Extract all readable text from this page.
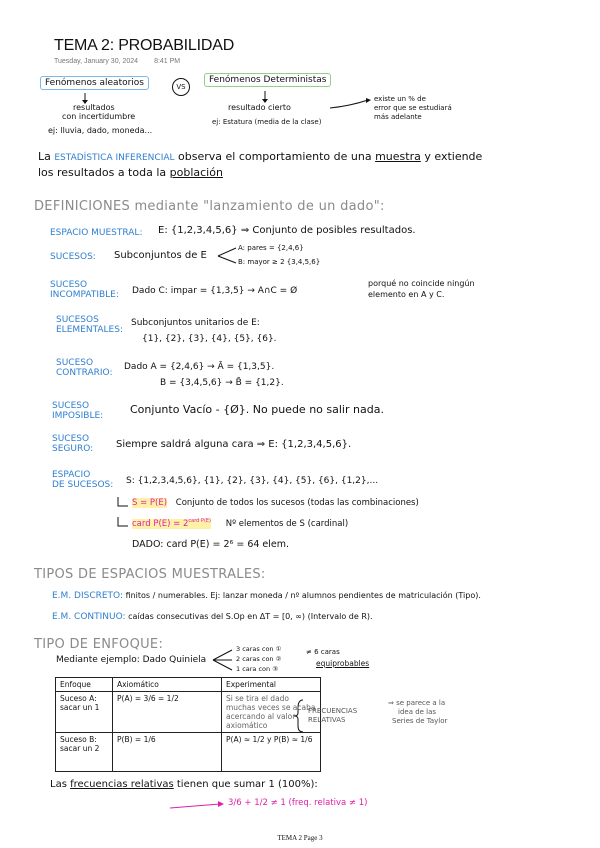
TEMA 2: PROBABILIDAD
Tuesday, January 30, 2024 8:41 PM
Fenómenos aleatorios	VS
Fenómenos Deterministas
resultados
con incertidumbre
ej: lluvia, dado, moneda...
resultado cierto
ej: Estatura (media de la clase)
existe un % de
error que se estudiará
más adelante
La ESTADÍSTICA INFERENCIAL observa el comportamiento de una muestra y extiende
los resultados a toda la población
DEFINICIONES mediante "lanzamiento de un dado":
ESPACIO MUESTRAL: E: {1,2,3,4,5,6} ⇒ Conjunto de posibles resultados.
SUCESOS: Subconjuntos de E
A: pares = {2,4,6}
B: mayor ≥ 2 {3,4,5,6}
SUCESO
INCOMPATIBLE: Dado C: impar = {1,3,5} → A∩C = Ø
porqué no coincide ningún
elemento en A y C.
SUCESOS
ELEMENTALES:
Subconjuntos unitarios de E:
{1}, {2}, {3}, {4}, {5}, {6}.
SUCESO
CONTRARIO:
Dado A = {2,4,6} → Ā = {1,3,5}.
B = {3,4,5,6} → B̄ = {1,2}.
SUCESO
IMPOSIBLE: Conjunto Vacío - {Ø}. No puede no salir nada.
SUCESO
SEGURO: Siempre saldrá alguna cara ⇒ E: {1,2,3,4,5,6}.
ESPACIO
DE SUCESOS: S: {1,2,3,4,5,6}, {1}, {2}, {3}, {4}, {5}, {6}, {1,2},...
S = P(E) Conjunto de todos los sucesos (todas las combinaciones)
card $P(E) = 2^{card P(E)}$ Nº elementos de S (cardinal)
DADO: card P(E) = 2⁶ = 64 elem.
TIPOS DE ESPACIOS MUESTRALES:
E.M. DISCRETO: finitos / numerables. Ej: lanzar moneda / nº alumnos pendientes de matriculación (Tipo).
E.M. CONTINUO: caídas consecutivas del S.Op en ΔT = [0, ∞) (Intervalo de R).
TIPO DE ENFOQUE:
Mediante ejemplo: Dado Quiniela
3 caras con ①
2 caras con ②
1 cara con ③
≠ 6 caras
equiprobables
Enfoque	Axiomático	Experimental
Suceso A: sacar un 1	P(A) = 3/6 = 1/2	Si se tira el dado muchas veces se acaba acercando al valor axiomático
Suceso B: sacar un 2	P(B) = 1/6	P(A) ≈ 1/2 y P(B) ≈ 1/6
FRECUENCIAS
RELATIVAS
⇒ se parece a la
idea de las
Series de Taylor
Las frecuencias relativas tienen que sumar 1 (100%):
3/6 + 1/2 ≠ 1 (freq. relativa ≠ 1)
TEMA 2 Page 3
